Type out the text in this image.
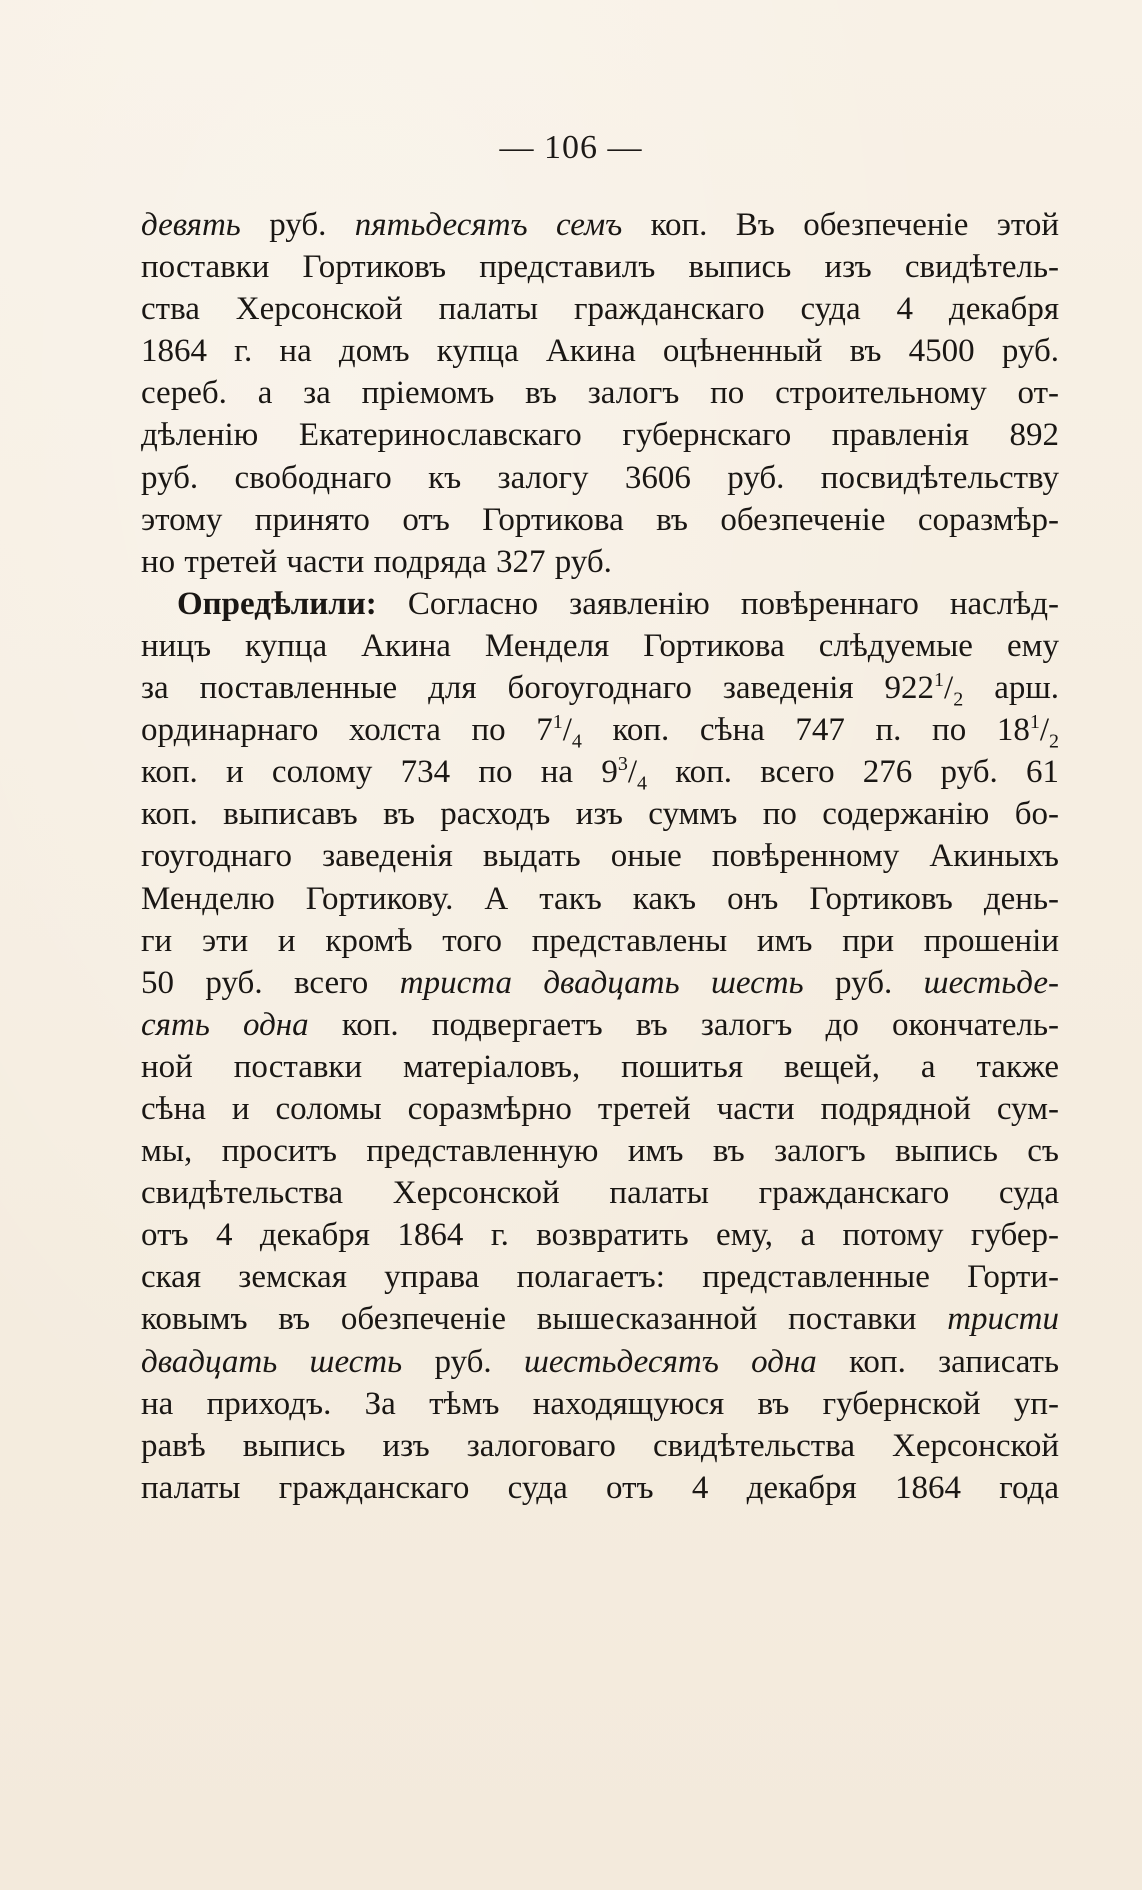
— 106 —
девять руб. пятьдесятъ семъ коп. Въ обезпеченіе этой
поставки Гортиковъ представилъ выпись изъ свидѣтель-
ства Херсонской палаты гражданскаго суда 4 декабря
1864 г. на домъ купца Акина оцѣненный въ 4500 руб.
сереб. а за пріемомъ въ залогъ по строительному от-
дѣленію Екатеринославскаго губернскаго правленія 892
руб. свободнаго къ залогу 3606 руб. посвидѣтельству
этому принято отъ Гортикова въ обезпеченіе соразмѣр-
но третей части подряда 327 руб.
Опредѣлили: Согласно заявленію повѣреннаго наслѣд-
ницъ купца Акина Менделя Гортикова слѣдуемые ему
за поставленные для богоугоднаго заведенія $922^1/_2$ арш.
ординарнаго холста по $7^1/_4$ коп. сѣна 747 п. по $18^1/_2$
коп. и солому 734 по на $9^3/_4$ коп. всего 276 руб. 61
коп. выписавъ въ расходъ изъ суммъ по содержанію бо-
гоугоднаго заведенія выдать оные повѣренному Акиныхъ
Менделю Гортикову. А такъ какъ онъ Гортиковъ день-
ги эти и кромѣ того представлены имъ при прошеніи
50 руб. всего триста двадцать шесть руб. шестьде-
сять одна коп. подвергаетъ въ залогъ до окончатель-
ной поставки матеріаловъ, пошитья вещей, а также
сѣна и соломы соразмѣрно третей части подрядной сум-
мы, проситъ представленную имъ въ залогъ выпись съ
свидѣтельства Херсонской палаты гражданскаго суда
отъ 4 декабря 1864 г. возвратить ему, а потому губер-
ская земская управа полагаетъ: представленные Горти-
ковымъ въ обезпеченіе вышесказанной поставки тристи
двадцать шесть руб. шестьдесятъ одна коп. записать
на приходъ. За тѣмъ находящуюся въ губернской уп-
равѣ выпись изъ залоговаго свидѣтельства Херсонской
палаты гражданскаго суда отъ 4 декабря 1864 года
